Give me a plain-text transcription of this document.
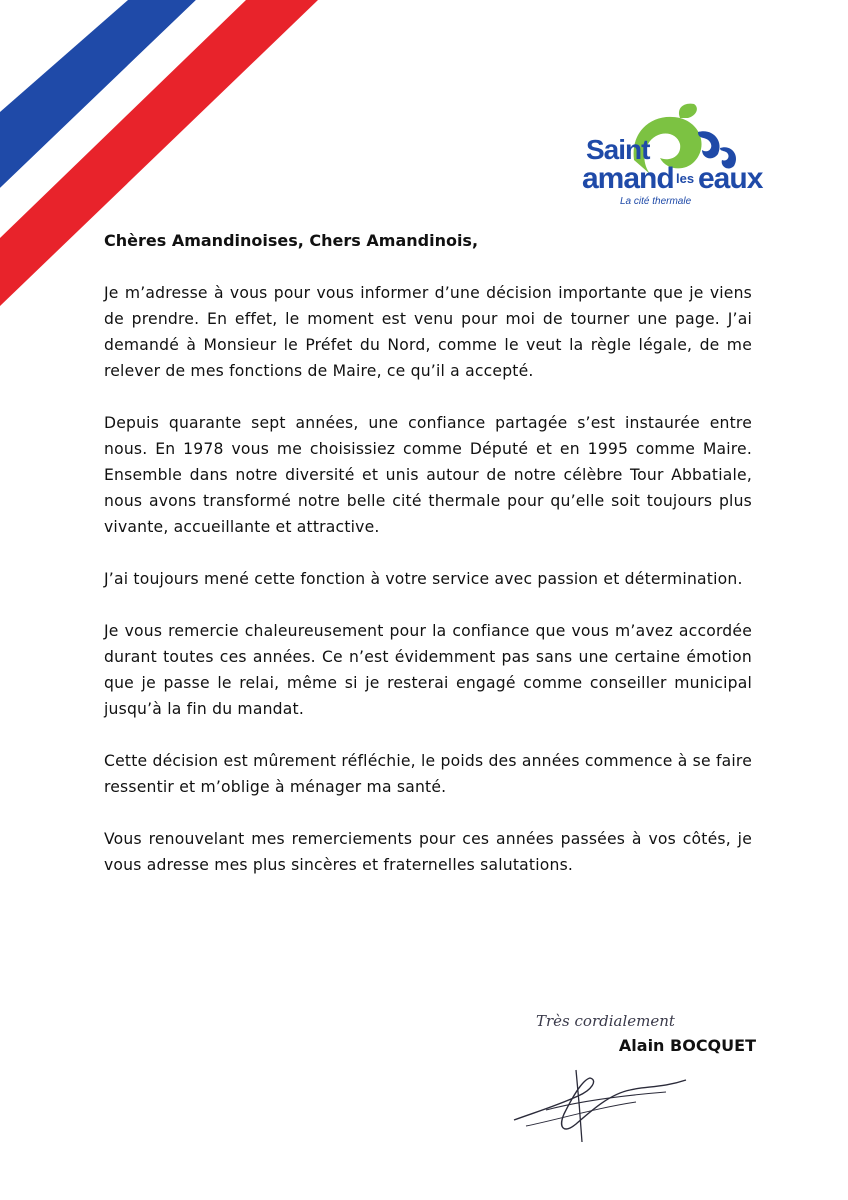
Saint
amand les eaux
La cité thermale

Chères Amandinoises, Chers Amandinois,

Je m’adresse à vous pour vous informer d’une décision importante que je viens de prendre. En effet, le moment est venu pour moi de tourner une page. J’ai demandé à Monsieur le Préfet du Nord, comme le veut la règle légale, de me relever de mes fonctions de Maire, ce qu’il a accepté.

Depuis quarante sept années, une confiance partagée s’est instaurée entre nous. En 1978 vous me choisissiez comme Député et en 1995 comme Maire. Ensemble dans notre diversité et unis autour de notre célèbre Tour Abbatiale, nous avons transformé notre belle cité thermale pour qu’elle soit toujours plus vivante, accueillante et attractive.

J’ai toujours mené cette fonction à votre service avec passion et détermination.

Je vous remercie chaleureusement pour la confiance que vous m’avez accordée durant toutes ces années. Ce n’est évidemment pas sans une certaine émotion que je passe le relai, même si je resterai engagé comme conseiller municipal jusqu’à la fin du mandat.

Cette décision est mûrement réfléchie, le poids des années commence à se faire ressentir et m’oblige à ménager ma santé.

Vous renouvelant mes remerciements pour ces années passées à vos côtés, je vous adresse mes plus sincères et fraternelles salutations.

Très cordialement
Alain BOCQUET
